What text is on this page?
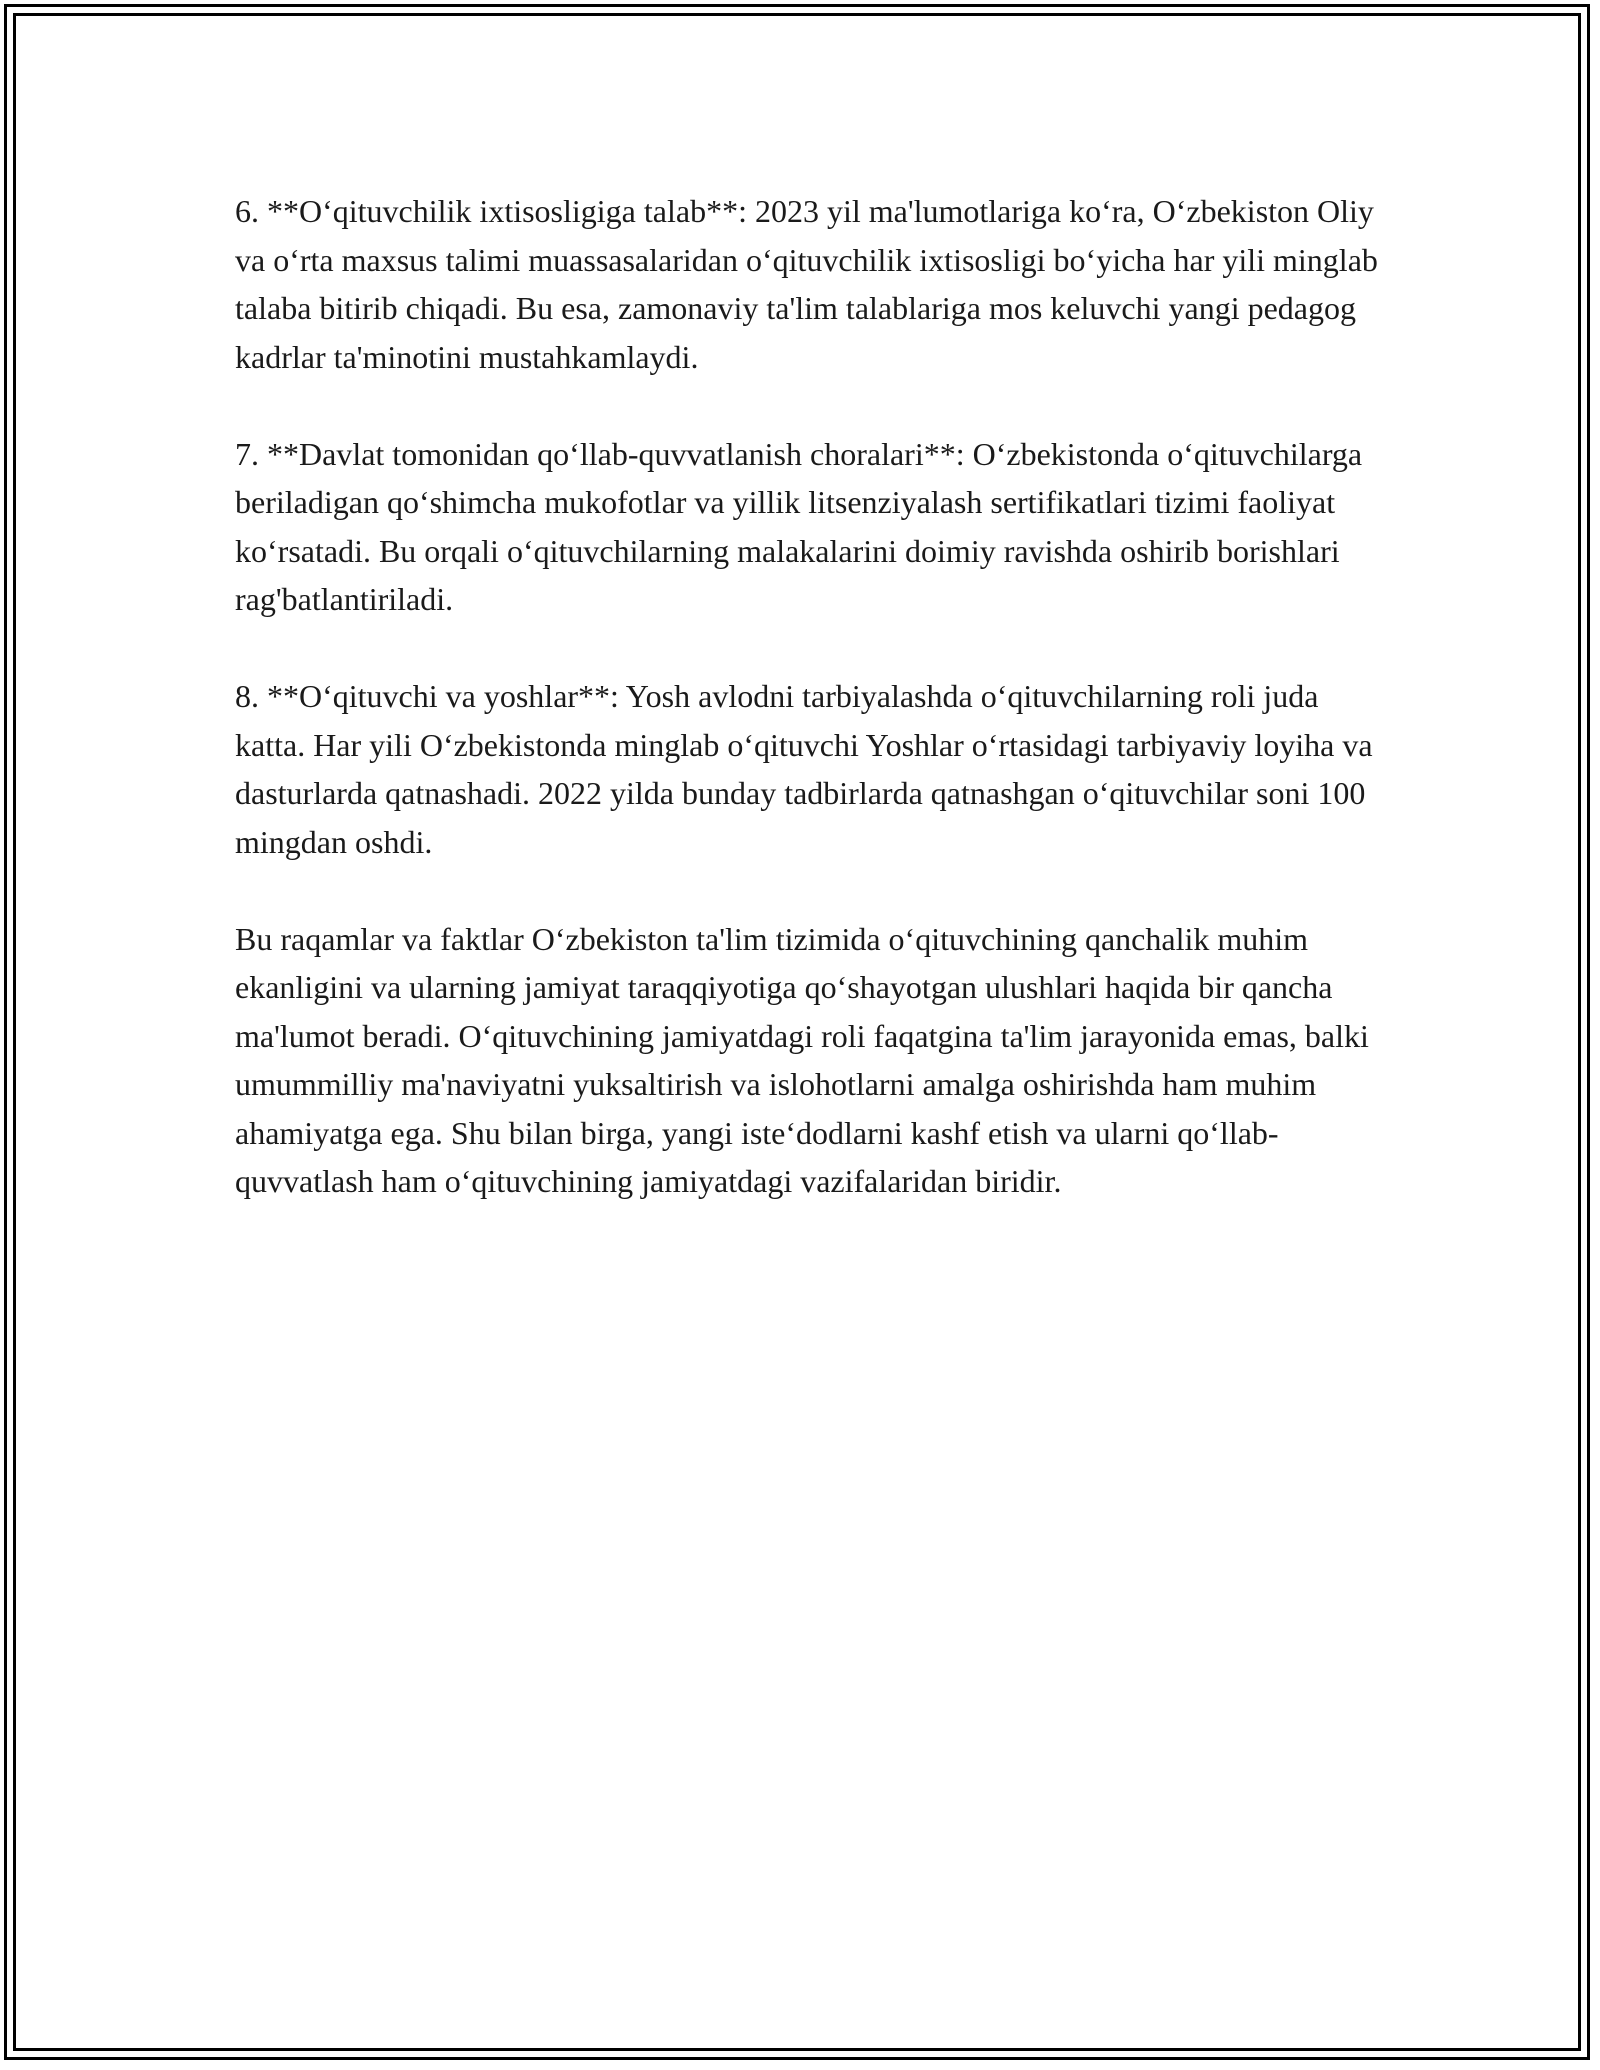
6. **Oʻqituvchilik ixtisosligiga talab**: 2023 yil ma'lumotlariga koʻra, Oʻzbekiston Oliy va oʻrta maxsus talimi muassasalaridan oʻqituvchilik ixtisosligi boʻyicha har yili minglab talaba bitirib chiqadi. Bu esa, zamonaviy ta'lim talablariga mos keluvchi yangi pedagog kadrlar ta'minotini mustahkamlaydi.

7. **Davlat tomonidan qoʻllab-quvvatlanish choralari**: Oʻzbekistonda oʻqituvchilarga beriladigan qoʻshimcha mukofotlar va yillik litsenziyalash sertifikatlari tizimi faoliyat koʻrsatadi. Bu orqali oʻqituvchilarning malakalarini doimiy ravishda oshirib borishlari rag'batlantiriladi.

8. **Oʻqituvchi va yoshlar**: Yosh avlodni tarbiyalashda oʻqituvchilarning roli juda katta. Har yili Oʻzbekistonda minglab oʻqituvchi Yoshlar oʻrtasidagi tarbiyaviy loyiha va dasturlarda qatnashadi. 2022 yilda bunday tadbirlarda qatnashgan oʻqituvchilar soni 100 mingdan oshdi.

Bu raqamlar va faktlar Oʻzbekiston ta'lim tizimida oʻqituvchining qanchalik muhim ekanligini va ularning jamiyat taraqqiyotiga qoʻshayotgan ulushlari haqida bir qancha ma'lumot beradi. Oʻqituvchining jamiyatdagi roli faqatgina ta'lim jarayonida emas, balki umummilliy ma'naviyatni yuksaltirish va islohotlarni amalga oshirishda ham muhim ahamiyatga ega. Shu bilan birga, yangi isteʻdodlarni kashf etish va ularni qoʻllab-quvvatlash ham oʻqituvchining jamiyatdagi vazifalaridan biridir.
